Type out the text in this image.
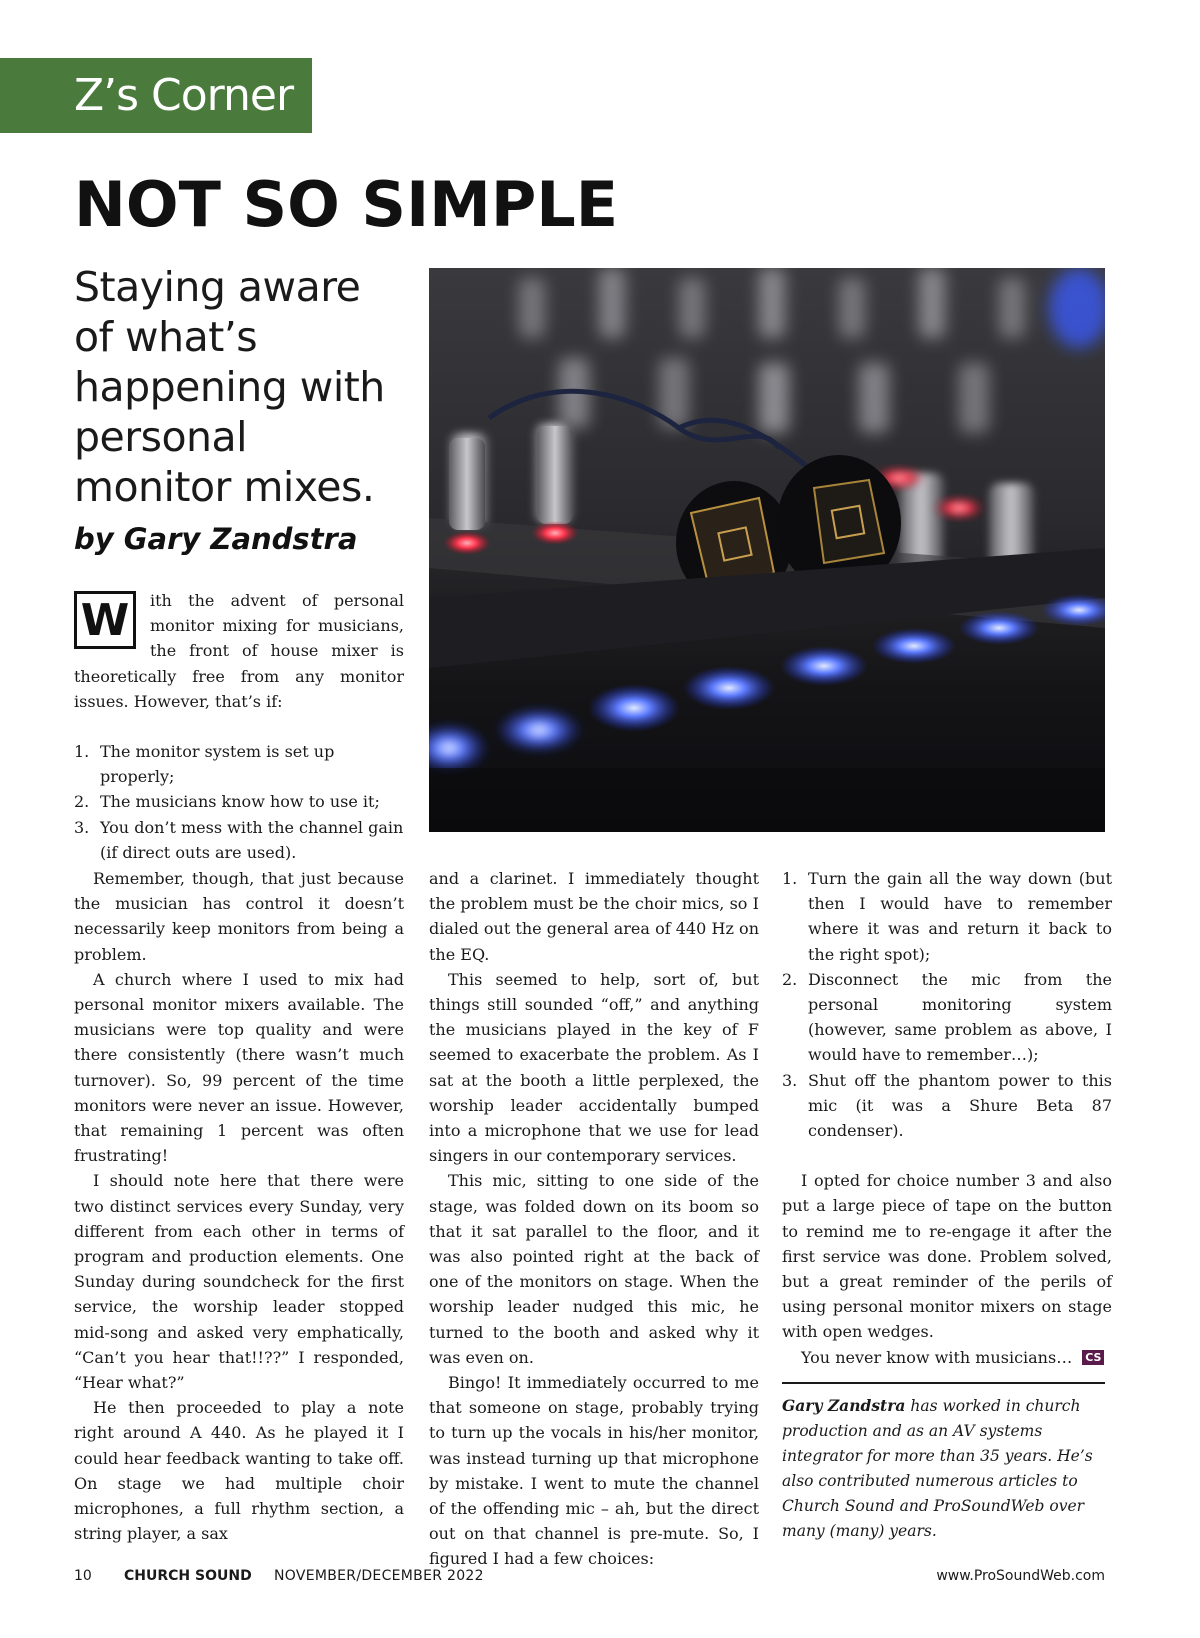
Z’s Corner
NOT SO SIMPLE
Staying aware of what’s happening with personal monitor mixes.
by Gary Zandstra

W	ith the advent of personal monitor mixing for musicians, the front of house mixer is theoretically free from any monitor issues. However, that’s if:

1. The monitor system is set up properly;
2. The musicians know how to use it;
3. You don’t mess with the channel gain (if direct outs are used).

Remember, though, that just because the musician has control it doesn’t necessarily keep monitors from being a problem.

A church where I used to mix had personal monitor mixers available. The musicians were top quality and were there consistently (there wasn’t much turnover). So, 99 percent of the time monitors were never an issue. However, that remaining 1 percent was often frustrating!

I should note here that there were two distinct services every Sunday, very different from each other in terms of program and production elements. One Sunday during soundcheck for the first service, the worship leader stopped mid-song and asked very emphatically, “Can’t you hear that!!??” I responded, “Hear what?”

He then proceeded to play a note right around A 440. As he played it I could hear feedback wanting to take off. On stage we had multiple choir microphones, a full rhythm section, a string player, a sax

and a clarinet. I immediately thought the problem must be the choir mics, so I dialed out the general area of 440 Hz on the EQ.

This seemed to help, sort of, but things still sounded “off,” and anything the musicians played in the key of F seemed to exacerbate the problem. As I sat at the booth a little perplexed, the worship leader accidentally bumped into a microphone that we use for lead singers in our contemporary services.

This mic, sitting to one side of the stage, was folded down on its boom so that it sat parallel to the floor, and it was also pointed right at the back of one of the monitors on stage. When the worship leader nudged this mic, he turned to the booth and asked why it was even on.

Bingo! It immediately occurred to me that someone on stage, probably trying to turn up the vocals in his/her monitor, was instead turning up that microphone by mistake. I went to mute the channel of the offending mic – ah, but the direct out on that channel is pre-mute. So, I figured I had a few choices:

1. Turn the gain all the way down (but then I would have to remember where it was and return it back to the right spot);
2. Disconnect the mic from the personal monitoring system (however, same problem as above, I would have to remember…);
3. Shut off the phantom power to this mic (it was a Shure Beta 87 condenser).

I opted for choice number 3 and also put a large piece of tape on the button to remind me to re-engage it after the first service was done. Problem solved, but a great reminder of the perils of using personal monitor mixers on stage with open wedges.

You never know with musicians… CS

Gary Zandstra has worked in church production and as an AV systems integrator for more than 35 years. He’s also contributed numerous articles to Church Sound and ProSoundWeb over many (many) years.
10 CHURCH SOUND NOVEMBER/DECEMBER 2022	www.ProSoundWeb.com
